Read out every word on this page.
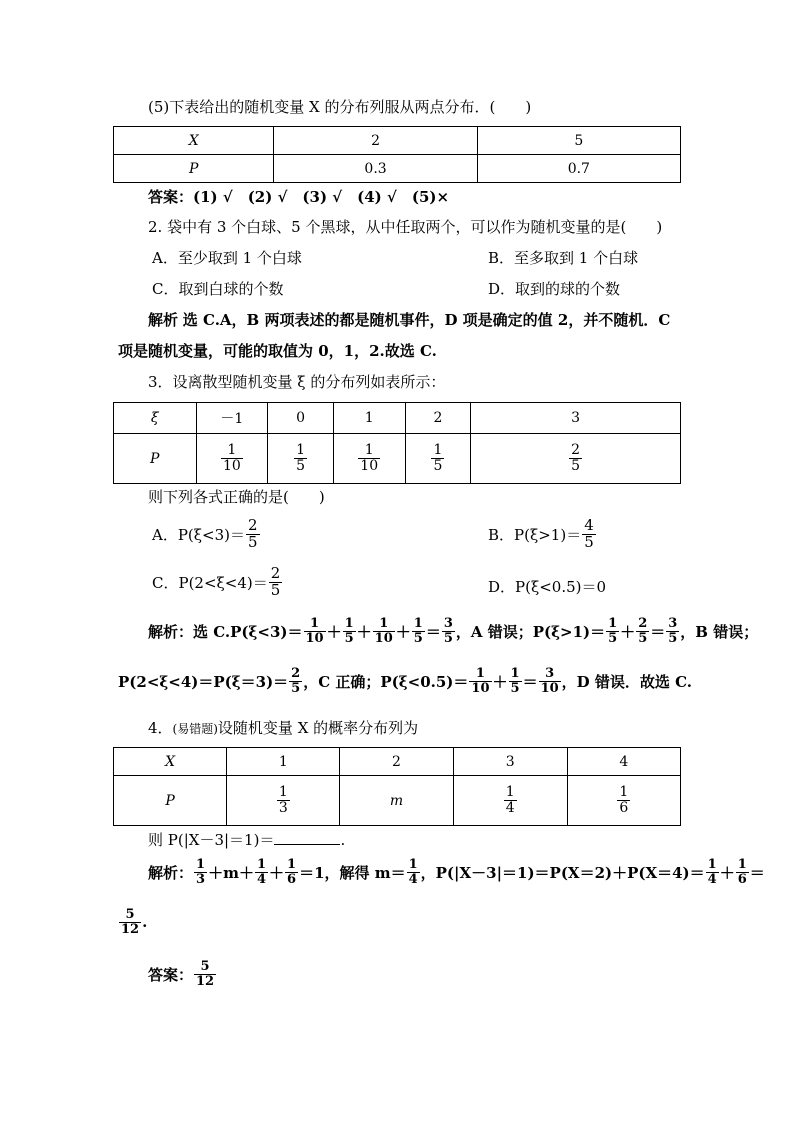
(5)下表给出的随机变量 X 的分布列服从两点分布．(　　)
X	2	5
P	0.3	0.7
答案：(1) √　(2) √　(3) √　(4) √　(5)×
2. 袋中有 3 个白球、5 个黑球，从中任取两个，可以作为随机变量的是(　　)
A．至少取到 1 个白球	B．至多取到 1 个白球
C．取到白球的个数	D．取到的球的个数
解析 选 C.A，B 两项表述的都是随机事件，D 项是确定的值 2，并不随机．C
项是随机变量，可能的取值为 0，1，2.故选 C.
3．设离散型随机变量 ξ 的分布列如表所示：
ξ	－1	0	1	2	3
P	$\frac{1}{10}$	$\frac{1}{5}$	$\frac{1}{10}$	$\frac{1}{5}$	$\frac{2}{5}$
则下列各式正确的是(　　)
A．$P(\xi<3)= \frac{2}{5}$	B．$P(\xi>1)= \frac{4}{5}$
C．$P(2<\xi<4)= \frac{2}{5}$	D．P(ξ<0.5)＝0
解析：选 $C.P(\xi<3)= \frac{1}{10} + \frac{1}{5} + \frac{1}{10} + \frac{1}{5} = \frac{3}{5}$ ，A 错误；$P(\xi>1)= \frac{1}{5} + \frac{2}{5} = \frac{3}{5}$ ，B 错误；
$P(2<\xi<4)=P(\xi=3)= \frac{2}{5}$ ，C 正确；$P(\xi<0.5)= \frac{1}{10} + \frac{1}{5} = \frac{3}{10}$ ，D 错误．故选 C.
4．(易错题)设随机变量 X 的概率分布列为
X	1	2	3	4
P	$\frac{1}{3}$	m	$\frac{1}{4}$	$\frac{1}{6}$
则 P(|X－3|＝1)＝	.
解析： $\frac{1}{3} +m+ \frac{1}{4} + \frac{1}{6} =1$，解得 $m= \frac{1}{4}$ ，$P(|X-3|=1)=P(X=2)+P(X=4)= \frac{1}{4} + \frac{1}{6}$ ＝
$\frac{5}{12}$ .
答案： $\frac{5}{12}$
